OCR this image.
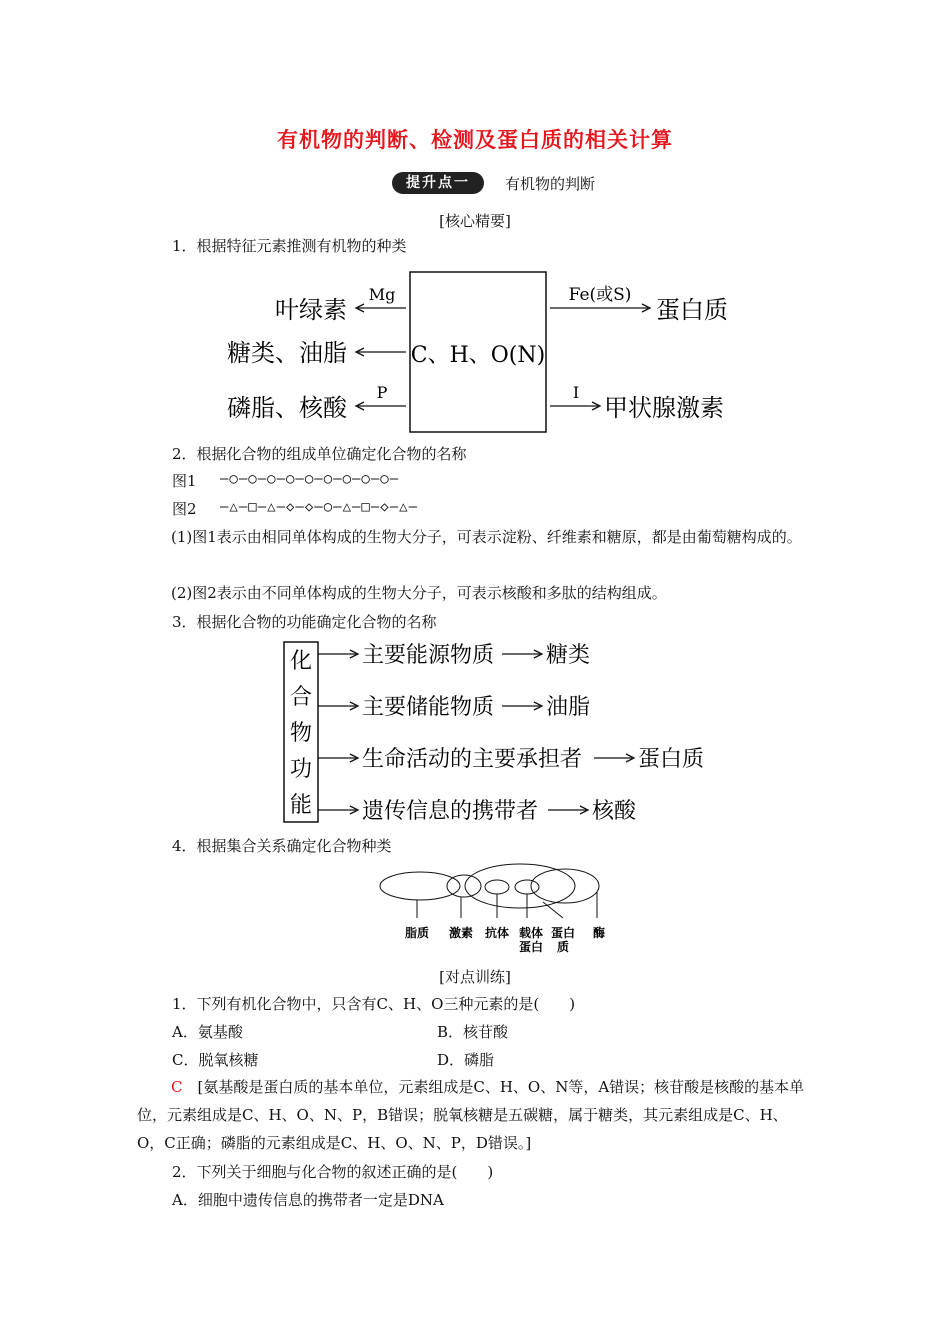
有机物的判断、检测及蛋白质的相关计算
提升点一	有机物的判断
[核心精要]
1．根据特征元素推测有机物的种类
C、H、O(N)
Mg
叶绿素
糖类、油脂
P
磷脂、核酸
Fe(或S)
蛋白质
I
甲状腺激素
2．根据化合物的组成单位确定化合物的名称
图1 —○—○—○—○—○—○—○—○—○—
图2 —△—□—△—◇—◇—○—△—□—◇—△—
(1)图1表示由相同单体构成的生物大分子，可表示淀粉、纤维素和糖原，都是由葡萄糖构成的。
(2)图2表示由不同单体构成的生物大分子，可表示核酸和多肽的结构组成。
3．根据化合物的功能确定化合物的名称
化
合
物
功
能
主要能源物质 糖类
主要储能物质 油脂
生命活动的主要承担者	蛋白质
遗传信息的携带者 核酸
4．根据集合关系确定化合物种类
脂质 激素 抗体 载体
蛋白
蛋白
质
酶
[对点训练]
1．下列有机化合物中，只含有C、H、O三种元素的是(　　)
A．氨基酸	B．核苷酸
C．脱氧核糖	D．磷脂
C　 [氨基酸是蛋白质的基本单位，元素组成是C、H、O、N等，A错误；核苷酸是核酸的基本单位，元素组成是C、H、O、N、P，B错误；脱氧核糖是五碳糖，属于糖类，其元素组成是C、H、O，C正确；磷脂的元素组成是C、H、O、N、P，D错误。]
2．下列关于细胞与化合物的叙述正确的是(　　)
A．细胞中遗传信息的携带者一定是DNA
